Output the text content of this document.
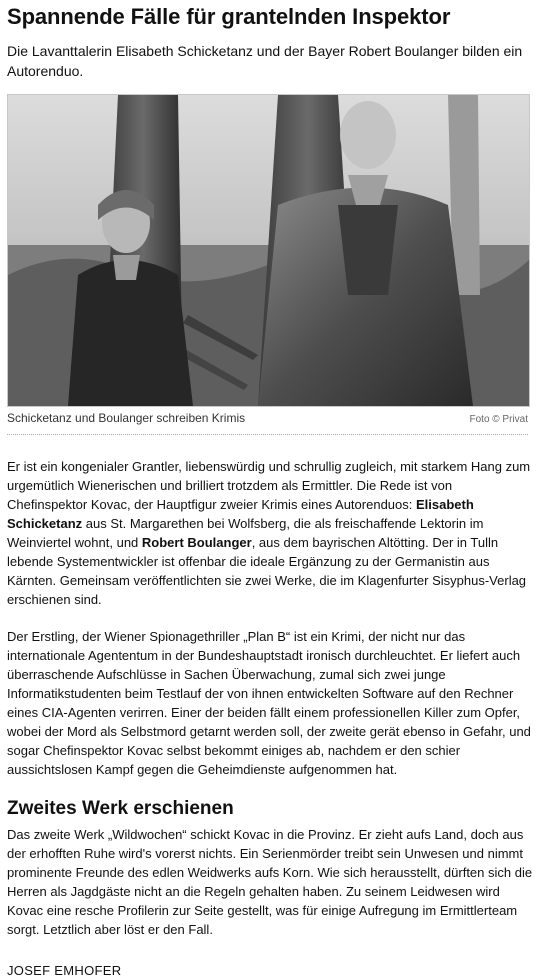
Spannende Fälle für grantelnden Inspektor

Die Lavanttalerin Elisabeth Schicketanz und der Bayer Robert Boulanger bilden ein Autorenduo.

Schicketanz und Boulanger schreiben Krimis	Foto © Privat

Er ist ein kongenialer Grantler, liebenswürdig und schrullig zugleich, mit starkem Hang zum urgemütlich Wienerischen und brilliert trotzdem als Ermittler. Die Rede ist von Chefinspektor Kovac, der Hauptfigur zweier Krimis eines Autorenduos: Elisabeth Schicketanz aus St. Margarethen bei Wolfsberg, die als freischaffende Lektorin im Weinviertel wohnt, und Robert Boulanger, aus dem bayrischen Altötting. Der in Tulln lebende Systementwickler ist offenbar die ideale Ergänzung zu der Germanistin aus Kärnten. Gemeinsam veröffentlichten sie zwei Werke, die im Klagenfurter Sisyphus-Verlag erschienen sind.

Der Erstling, der Wiener Spionagethriller „Plan B“ ist ein Krimi, der nicht nur das internationale Agententum in der Bundeshauptstadt ironisch durchleuchtet. Er liefert auch überraschende Aufschlüsse in Sachen Überwachung, zumal sich zwei junge Informatikstudenten beim Testlauf der von ihnen entwickelten Software auf den Rechner eines CIA-Agenten verirren. Einer der beiden fällt einem professionellen Killer zum Opfer, wobei der Mord als Selbstmord getarnt werden soll, der zweite gerät ebenso in Gefahr, und sogar Chefinspektor Kovac selbst bekommt einiges ab, nachdem er den schier aussichtslosen Kampf gegen die Geheimdienste aufgenommen hat.

Zweites Werk erschienen

Das zweite Werk „Wildwochen“ schickt Kovac in die Provinz. Er zieht aufs Land, doch aus der erhofften Ruhe wird's vorerst nichts. Ein Serienmörder treibt sein Unwesen und nimmt prominente Freunde des edlen Weidwerks aufs Korn. Wie sich herausstellt, dürften sich die Herren als Jagdgäste nicht an die Regeln gehalten haben. Zu seinem Leidwesen wird Kovac eine resche Profilerin zur Seite gestellt, was für einige Aufregung im Ermittlerteam sorgt. Letztlich aber löst er den Fall.

JOSEF EMHOFER
